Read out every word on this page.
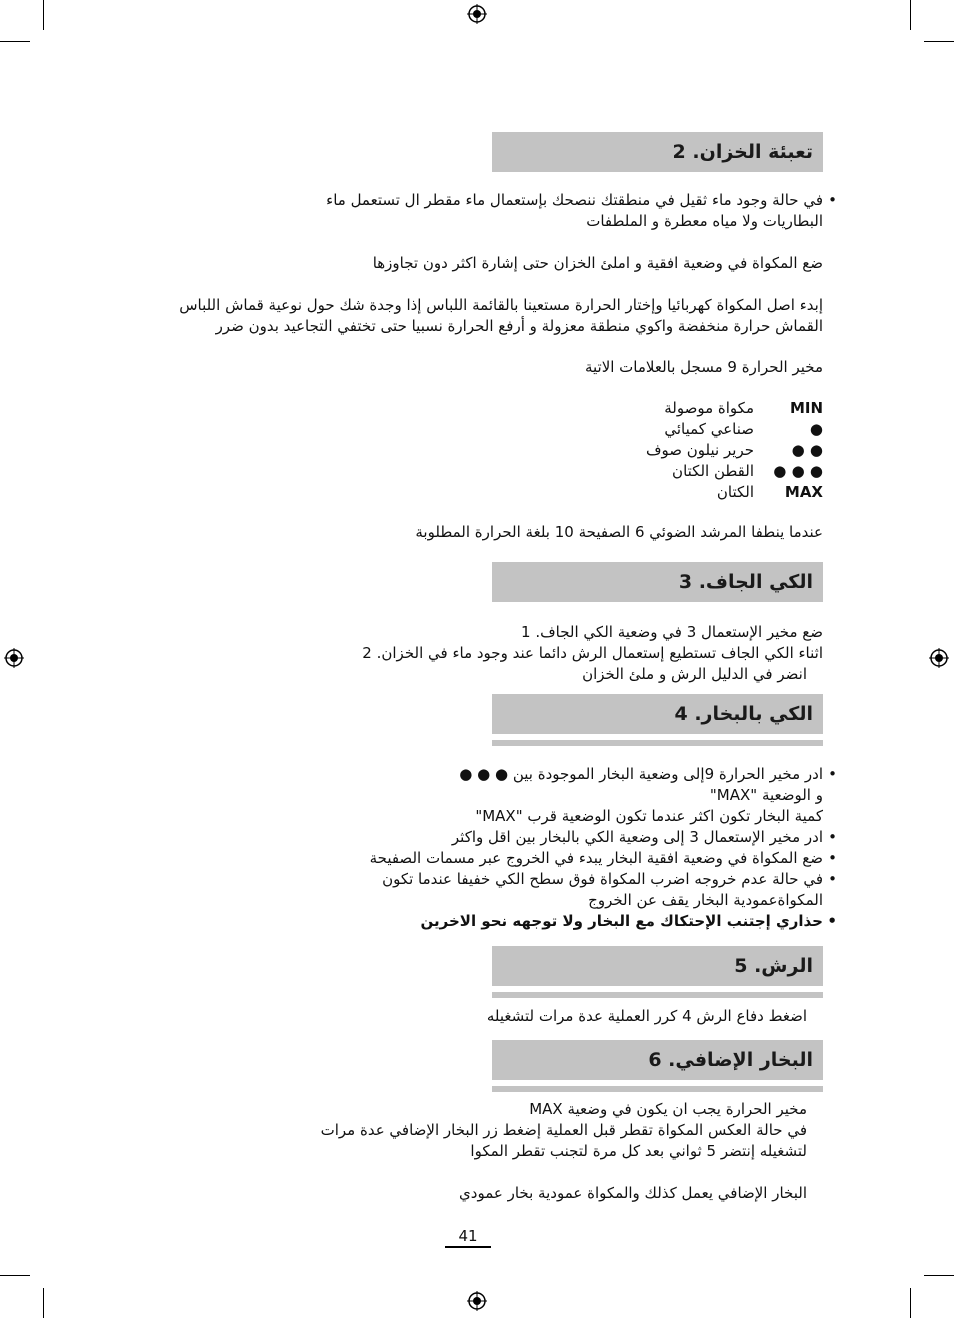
تعبئة الخزان. 2
• في حالة وجود ماء ثقيل في منطقتك ننصحك بإستعمال ماء مقطر ال تستعمل ماء
البطاريات ولا مياه معطرة و الملطفات
ضع المكواة في وضعية افقية و املئ الخزان حتى إشارة اكثر دون تجاوزها
إبدء اصل المكواة كهربائيا وإختار الحرارة مستعينا بالقائمة اللباس إذا وجدة شك حول نوعية قماش اللباس
القماش حرارة منخفضة واكوي منطقة معزولة و أرفع الحرارة نسبيا حتى تختفي التجاعيد بدون ضرر
مخير الحرارة 9 مسجل بالعلامات الاتية
MIN
مكواة موصولة
●
صناعي كميائي
● ●
حرير نيلون صوف
● ● ●
القطن الكتان
MAX
الكتان
عندما ينطفا المرشد الضوئي 6 الصفيحة 10 بلغة الحرارة المطلوبة
الكي الجاف. 3
ضع مخير الإستعمال 3 في وضعية الكي الجاف. 1
اثناء الكي الجاف تستطيع إستعمال الرش دائما عند وجود ماء في الخزان. 2
انضر في الدليل الرش و ملئ الخزان
الكي بالبخار. 4
• ادر مخير الحرارة 9إلى وضعية البخار الموجودة بين ● ● ●
و الوضعية "MAX"
كمية البخار تكون اكثر عندما تكون الوضعية قرب "MAX"
• ادر مخير الإستعمال 3 إلى وضعية الكي بالبخار بين اقل واكثر
• ضع المكواة في وضعية افقية البخار يبدء في الخروج عبر مسمات الصفيحة
• في حالة عدم خروجه اضرب المكواة فوق سطح الكي خفيفا عندما تكون
المكواةعمودية البخار يقف عن الخروج
• حذاري إجتنب الإحتكاك مع البخار ولا توجهه نحو الاخرين
الرش. 5
اضغط دفاع الرش 4 كرر العملية عدة مرات لتشغيله
البخار الإضافي. 6
مخير الحرارة يجب ان يكون في وضعية MAX
في حالة العكس المكواة تقطر قبل العملية إضغط زر البخار الإضافي عدة مرات
لتشغيله إنتضر 5 ثواني بعد كل مرة لتجنب تقطر المكوا
البخار الإضافي يعمل كذلك والمكواة عمودية بخار عمودي
41
